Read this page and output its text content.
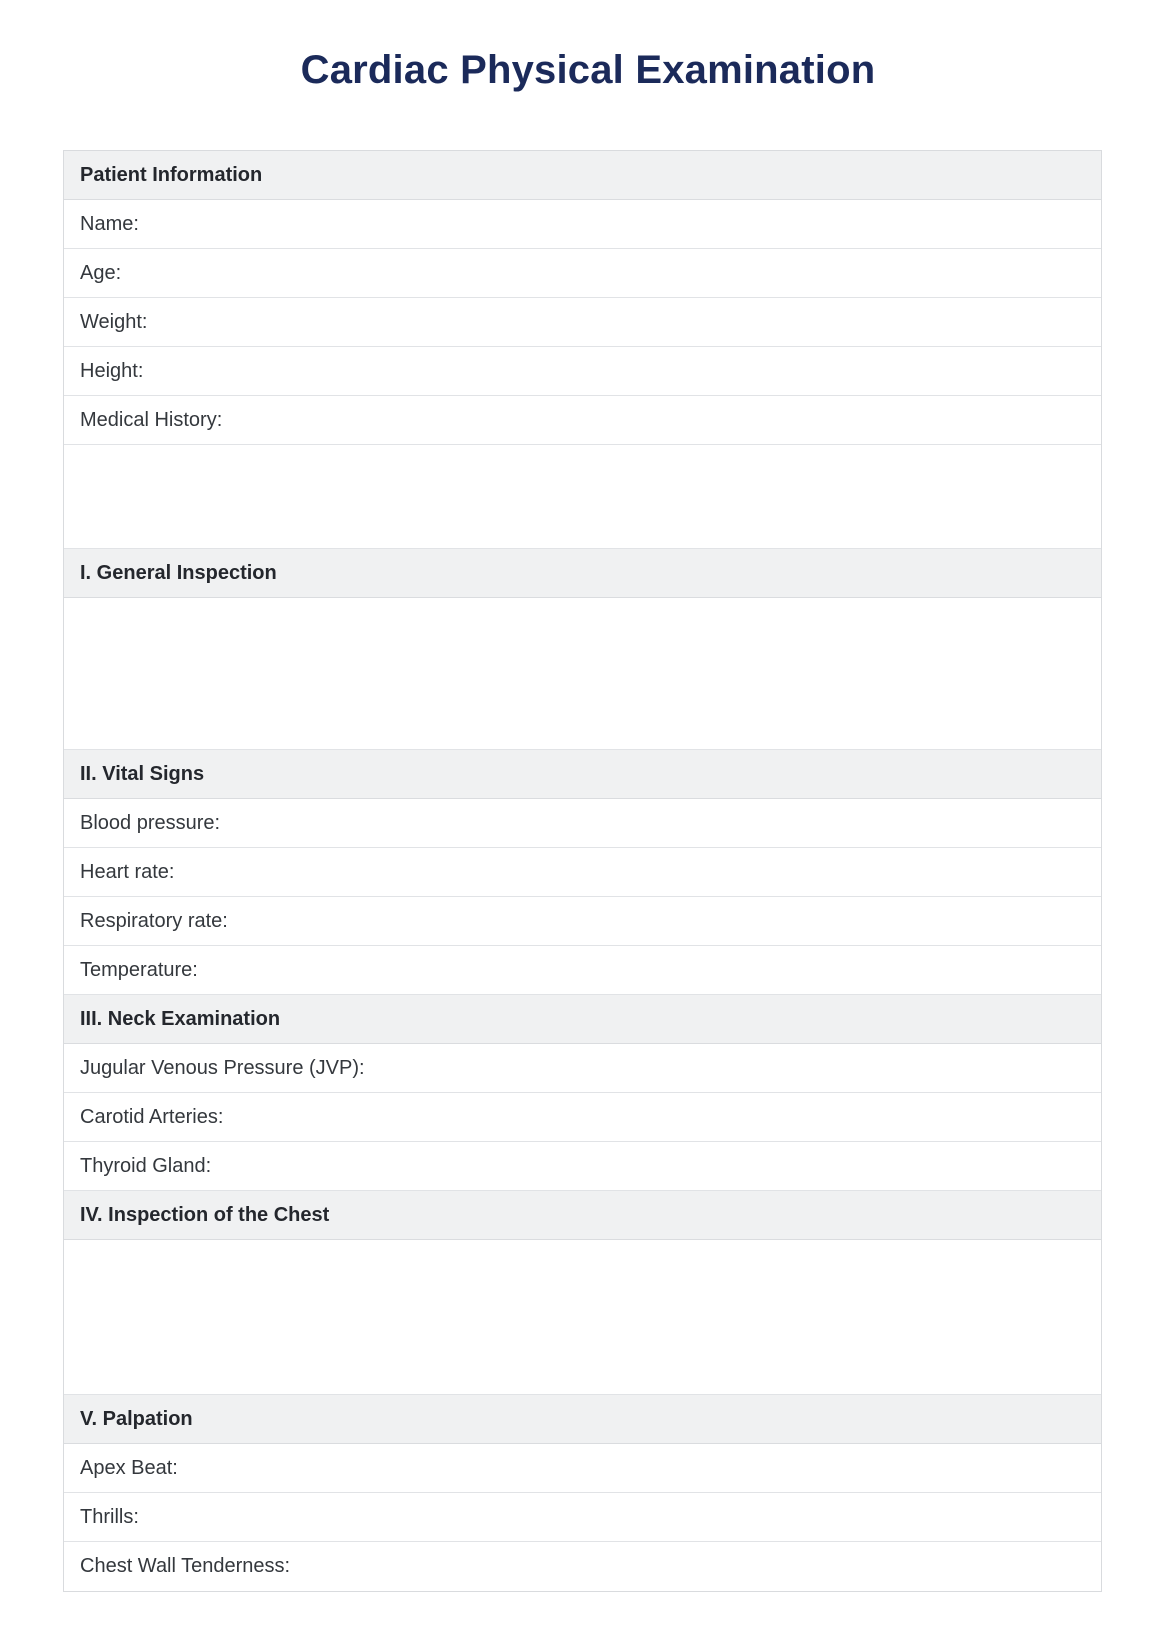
Cardiac Physical Examination
Patient Information
Name:
Age:
Weight:
Height:
Medical History:
I. General Inspection
II. Vital Signs
Blood pressure:
Heart rate:
Respiratory rate:
Temperature:
III. Neck Examination
Jugular Venous Pressure (JVP):
Carotid Arteries:
Thyroid Gland:
IV. Inspection of the Chest
V. Palpation
Apex Beat:
Thrills:
Chest Wall Tenderness:
